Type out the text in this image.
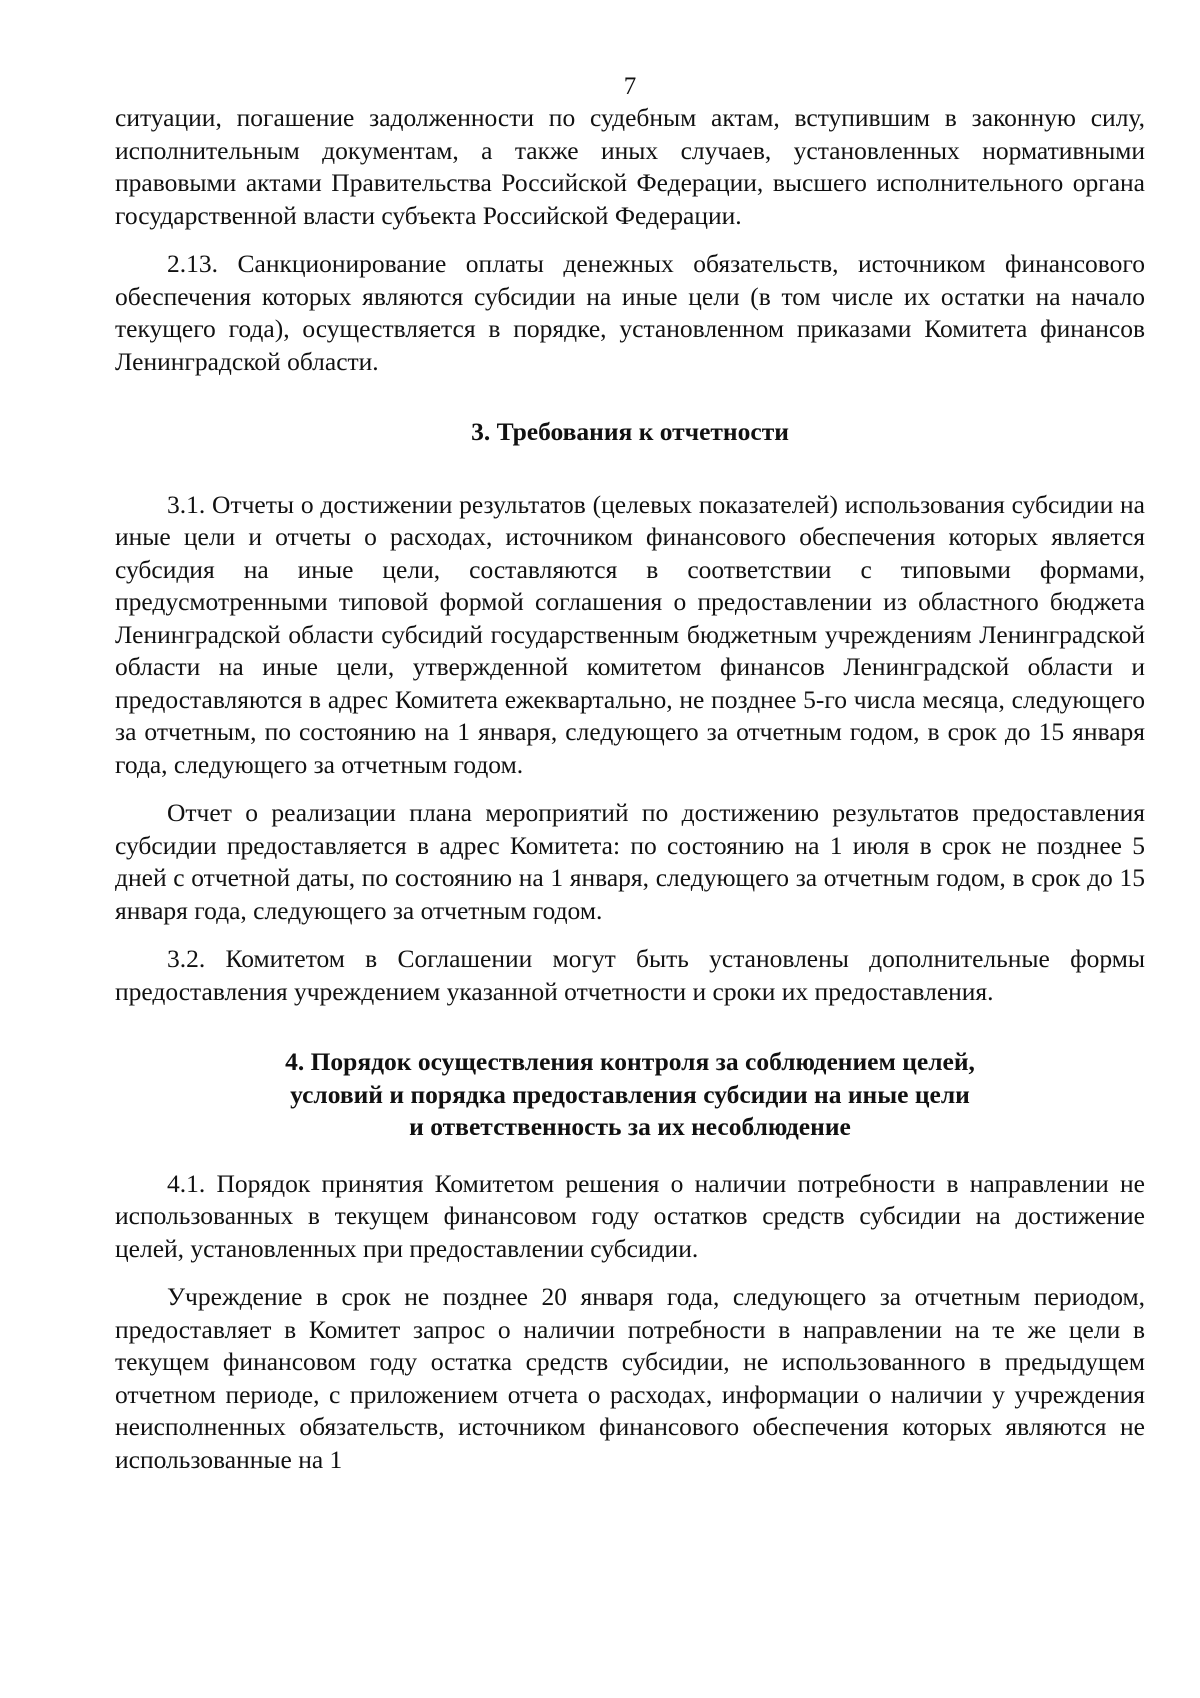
7

ситуации, погашение задолженности по судебным актам, вступившим в законную силу, исполнительным документам, а также иных случаев, установленных нормативными правовыми актами Правительства Российской Федерации, высшего исполнительного органа государственной власти субъекта Российской Федерации.

2.13. Санкционирование оплаты денежных обязательств, источником финансового обеспечения которых являются субсидии на иные цели (в том числе их остатки на начало текущего года), осуществляется в порядке, установленном приказами Комитета финансов Ленинградской области.

3. Требования к отчетности

3.1. Отчеты о достижении результатов (целевых показателей) использования субсидии на иные цели и отчеты о расходах, источником финансового обеспечения которых является субсидия на иные цели, составляются в соответствии с типовыми формами, предусмотренными типовой формой соглашения о предоставлении из областного бюджета Ленинградской области субсидий государственным бюджетным учреждениям Ленинградской области на иные цели, утвержденной комитетом финансов Ленинградской области и предоставляются в адрес Комитета ежеквартально, не позднее 5-го числа месяца, следующего за отчетным, по состоянию на 1 января, следующего за отчетным годом, в срок до 15 января года, следующего за отчетным годом.

Отчет о реализации плана мероприятий по достижению результатов предоставления субсидии предоставляется в адрес Комитета: по состоянию на 1 июля в срок не позднее 5 дней с отчетной даты, по состоянию на 1 января, следующего за отчетным годом, в срок до 15 января года, следующего за отчетным годом.

3.2. Комитетом в Соглашении могут быть установлены дополнительные формы предоставления учреждением указанной отчетности и сроки их предоставления.

4. Порядок осуществления контроля за соблюдением целей,
условий и порядка предоставления субсидии на иные цели
и ответственность за их несоблюдение

4.1. Порядок принятия Комитетом решения о наличии потребности в направлении не использованных в текущем финансовом году остатков средств субсидии на достижение целей, установленных при предоставлении субсидии.

Учреждение в срок не позднее 20 января года, следующего за отчетным периодом, предоставляет в Комитет запрос о наличии потребности в направлении на те же цели в текущем финансовом году остатка средств субсидии, не использованного в предыдущем отчетном периоде, с приложением отчета о расходах, информации о наличии у учреждения неисполненных обязательств, источником финансового обеспечения которых являются не использованные на 1
